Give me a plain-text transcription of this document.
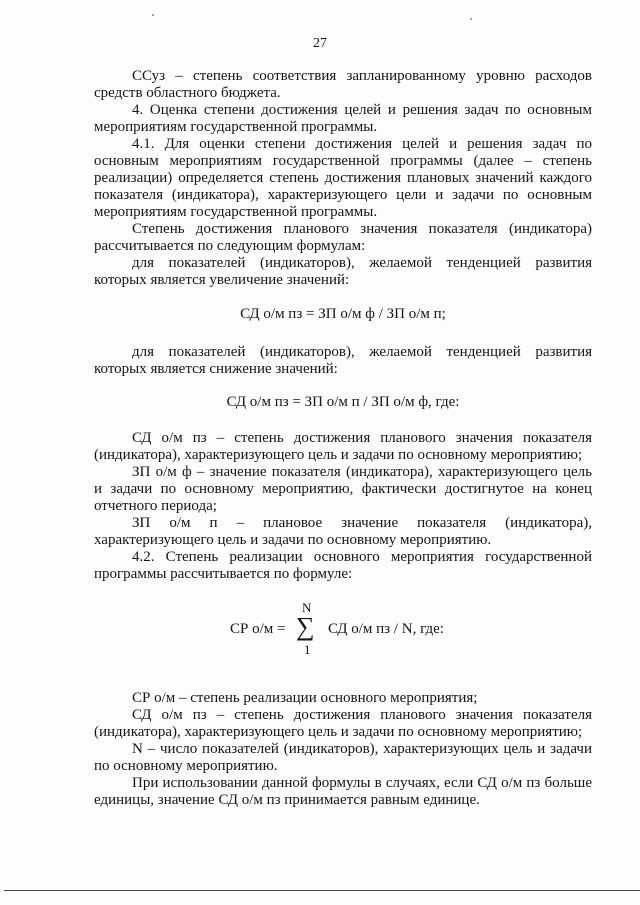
27

ССуз – степень соответствия запланированному уровню расходов средств областного бюджета.

4. Оценка степени достижения целей и решения задач по основным мероприятиям государственной программы.

4.1. Для оценки степени достижения целей и решения задач по основным мероприятиям государственной программы (далее – степень реализации) определяется степень достижения плановых значений каждого показателя (индикатора), характеризующего цели и задачи по основным мероприятиям государственной программы.

Степень достижения планового значения показателя (индикатора) рассчитывается по следующим формулам:

для показателей (индикаторов), желаемой тенденцией развития которых является увеличение значений:

СД о/м пз = ЗП о/м ф / ЗП о/м п;

для показателей (индикаторов), желаемой тенденцией развития которых является снижение значений:

СД о/м пз = ЗП о/м п / ЗП о/м ф, где:

СД о/м пз – степень достижения планового значения показателя (индикатора), характеризующего цель и задачи по основному мероприятию;

ЗП о/м ф – значение показателя (индикатора), характеризующего цель и задачи по основному мероприятию, фактически достигнутое на конец отчетного периода;

ЗП о/м п – плановое значение показателя (индикатора), характеризующего цель и задачи по основному мероприятию.

4.2. Степень реализации основного мероприятия государственной программы рассчитывается по формуле:

СР о/м =
N
∑
1
СД о/м пз / N, где:

СР о/м – степень реализации основного мероприятия;

СД о/м пз – степень достижения планового значения показателя (индикатора), характеризующего цель и задачи по основному мероприятию;

N – число показателей (индикаторов), характеризующих цель и задачи по основному мероприятию.

При использовании данной формулы в случаях, если СД о/м пз больше единицы, значение СД о/м пз принимается равным единице.
